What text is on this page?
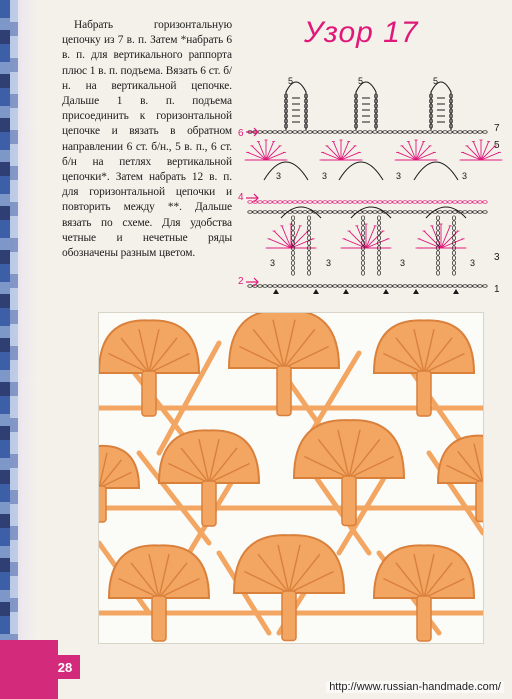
28

Набрать горизонтальную цепочку из 7 в. п. Затем *набрать 6 в. п. для вертикального раппорта плюс 1 в. п. подъема. Вязать 6 ст. б/н. на вертикальной цепочке. Дальше 1 в. п. подъема присоединить к горизонтальной цепочке и вязать в обратном направлении 6 ст. б/н., 5 в. п., 6 ст. б/н на петлях вертикальной цепочки*. Затем набрать 12 в. п. для горизонтальной цепочки и повторить между **. Дальше вязать по схеме. Для удобства четные и нечетные ряды обозначены разным цветом.

Узор 17
6
4
2
7
5
3
1
5	5	5
3	3	3	3
3	3	3	3
http://www.russian-handmade.com/
